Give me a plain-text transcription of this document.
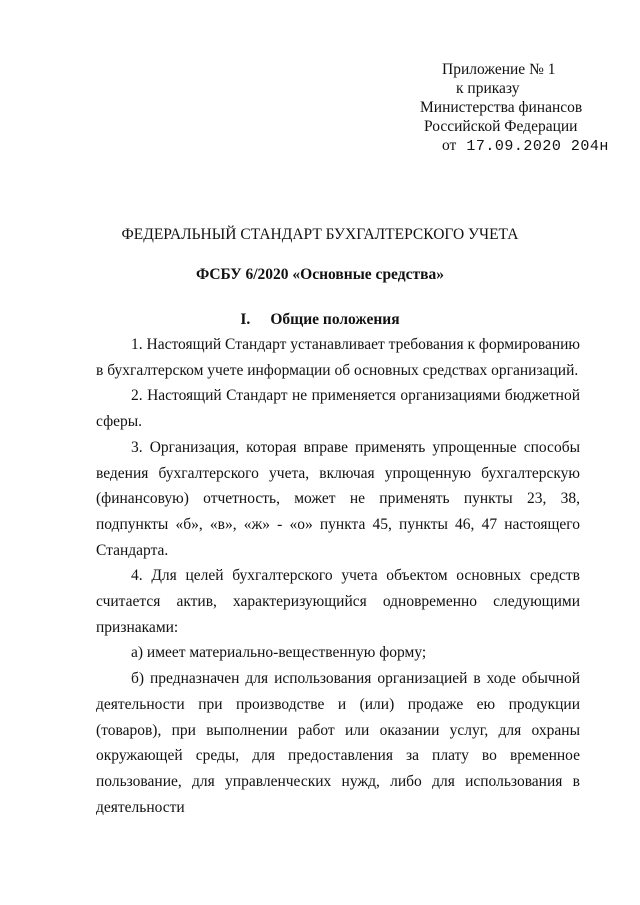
Приложение № 1
к приказу
Министерства финансов
Российской Федерации
от 17.09.2020 204н
ФЕДЕРАЛЬНЫЙ СТАНДАРТ БУХГАЛТЕРСКОГО УЧЕТА
ФСБУ 6/2020 «Основные средства»
I. Общие положения

1. Настоящий Стандарт устанавливает требования к формированию в бухгалтерском учете информации об основных средствах организаций.

2. Настоящий Стандарт не применяется организациями бюджетной сферы.

3. Организация, которая вправе применять упрощенные способы ведения бухгалтерского учета, включая упрощенную бухгалтерскую (финансовую) отчетность, может не применять пункты 23, 38, подпункты «б», «в», «ж» - «о» пункта 45, пункты 46, 47 настоящего Стандарта.

4. Для целей бухгалтерского учета объектом основных средств считается актив, характеризующийся одновременно следующими признаками:

а) имеет материально-вещественную форму;

б) предназначен для использования организацией в ходе обычной деятельности при производстве и (или) продаже ею продукции (товаров), при выполнении работ или оказании услуг, для охраны окружающей среды, для предоставления за плату во временное пользование, для управленческих нужд, либо для использования в деятельности
